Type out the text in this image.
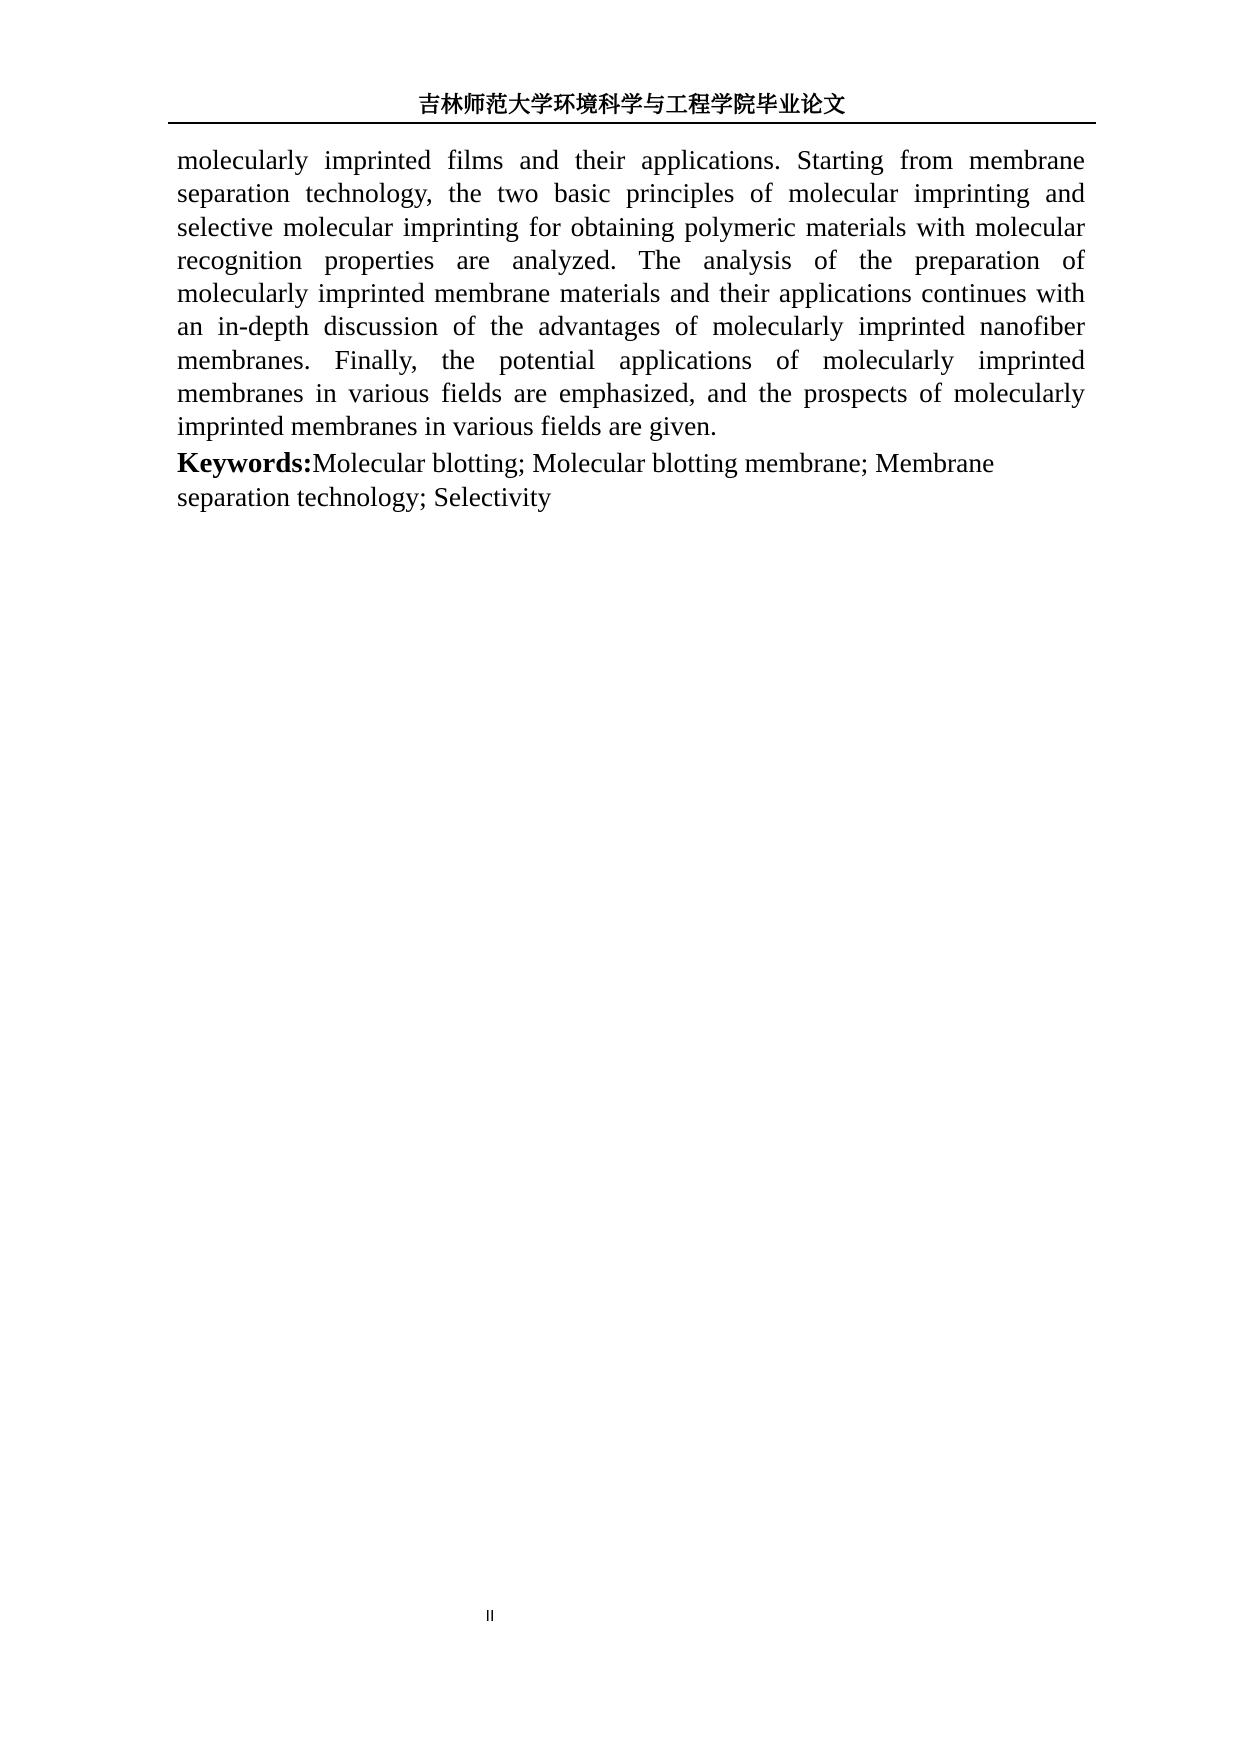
吉林师范大学环境科学与工程学院毕业论文

molecularly imprinted films and their applications. Starting from membrane separation technology, the two basic principles of molecular imprinting and selective molecular imprinting for obtaining polymeric materials with molecular recognition properties are analyzed. The analysis of the preparation of molecularly imprinted membrane materials and their applications continues with an in-depth discussion of the advantages of molecularly imprinted nanofiber membranes. Finally, the potential applications of molecularly imprinted membranes in various fields are emphasized, and the prospects of molecularly imprinted membranes in various fields are given.

Keywords:Molecular blotting; Molecular blotting membrane; Membrane separation technology; Selectivity

II
